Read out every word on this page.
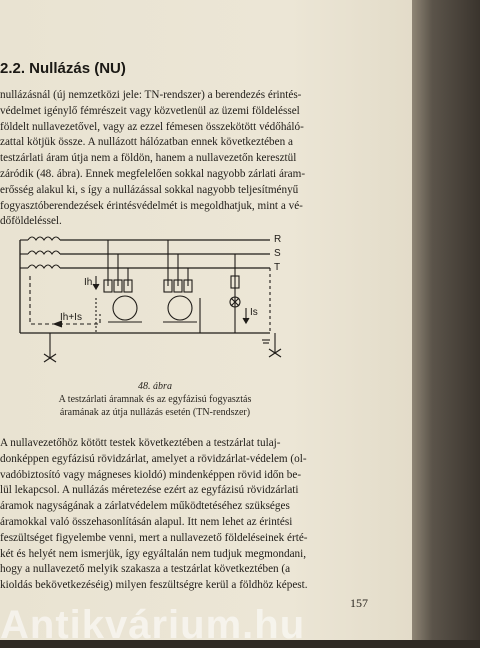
2.2. Nullázás (NU)
nullázásnál (új nemzetközi jele: TN-rendszer) a berendezés érintés-
védelmet igénylő fémrészeit vagy közvetlenül az üzemi földeléssel
földelt nullavezetővel, vagy az ezzel fémesen összekötött védőháló-
zattal kötjük össze. A nullázott hálózatban ennek következtében a
testzárlati áram útja nem a földön, hanem a nullavezetőn keresztül
záródik (48. ábra). Ennek megfelelően sokkal nagyobb zárlati áram-
erősség alakul ki, s így a nullázással sokkal nagyobb teljesítményű
fogyasztóberendezések érintésvédelmét is megoldhatjuk, mint a vé-
dőföldeléssel.
R
S
T
Ih
Is
Ih+Is
48. ábra
A testzárlati áramnak és az egyfázisú fogyasztás
áramának az útja nullázás esetén (TN-rendszer)
A nullavezetőhöz kötött testek következtében a testzárlat tulaj-
donképpen egyfázisú rövidzárlat, amelyet a rövidzárlat-védelem (ol-
vadóbiztosító vagy mágneses kioldó) mindenképpen rövid időn be-
lül lekapcsol. A nullázás méretezése ezért az egyfázisú rövidzárlati
áramok nagyságának a zárlatvédelem működtetéséhez szükséges
áramokkal való összehasonlításán alapul. Itt nem lehet az érintési
feszültséget figyelembe venni, mert a nullavezető földeléseinek érté-
két és helyét nem ismerjük, így egyáltalán nem tudjuk megmondani,
hogy a nullavezető melyik szakasza a testzárlat következtében (a
kioldás bekövetkezéséig) milyen feszültségre kerül a földhöz képest.
157
Antikvárium.hu
